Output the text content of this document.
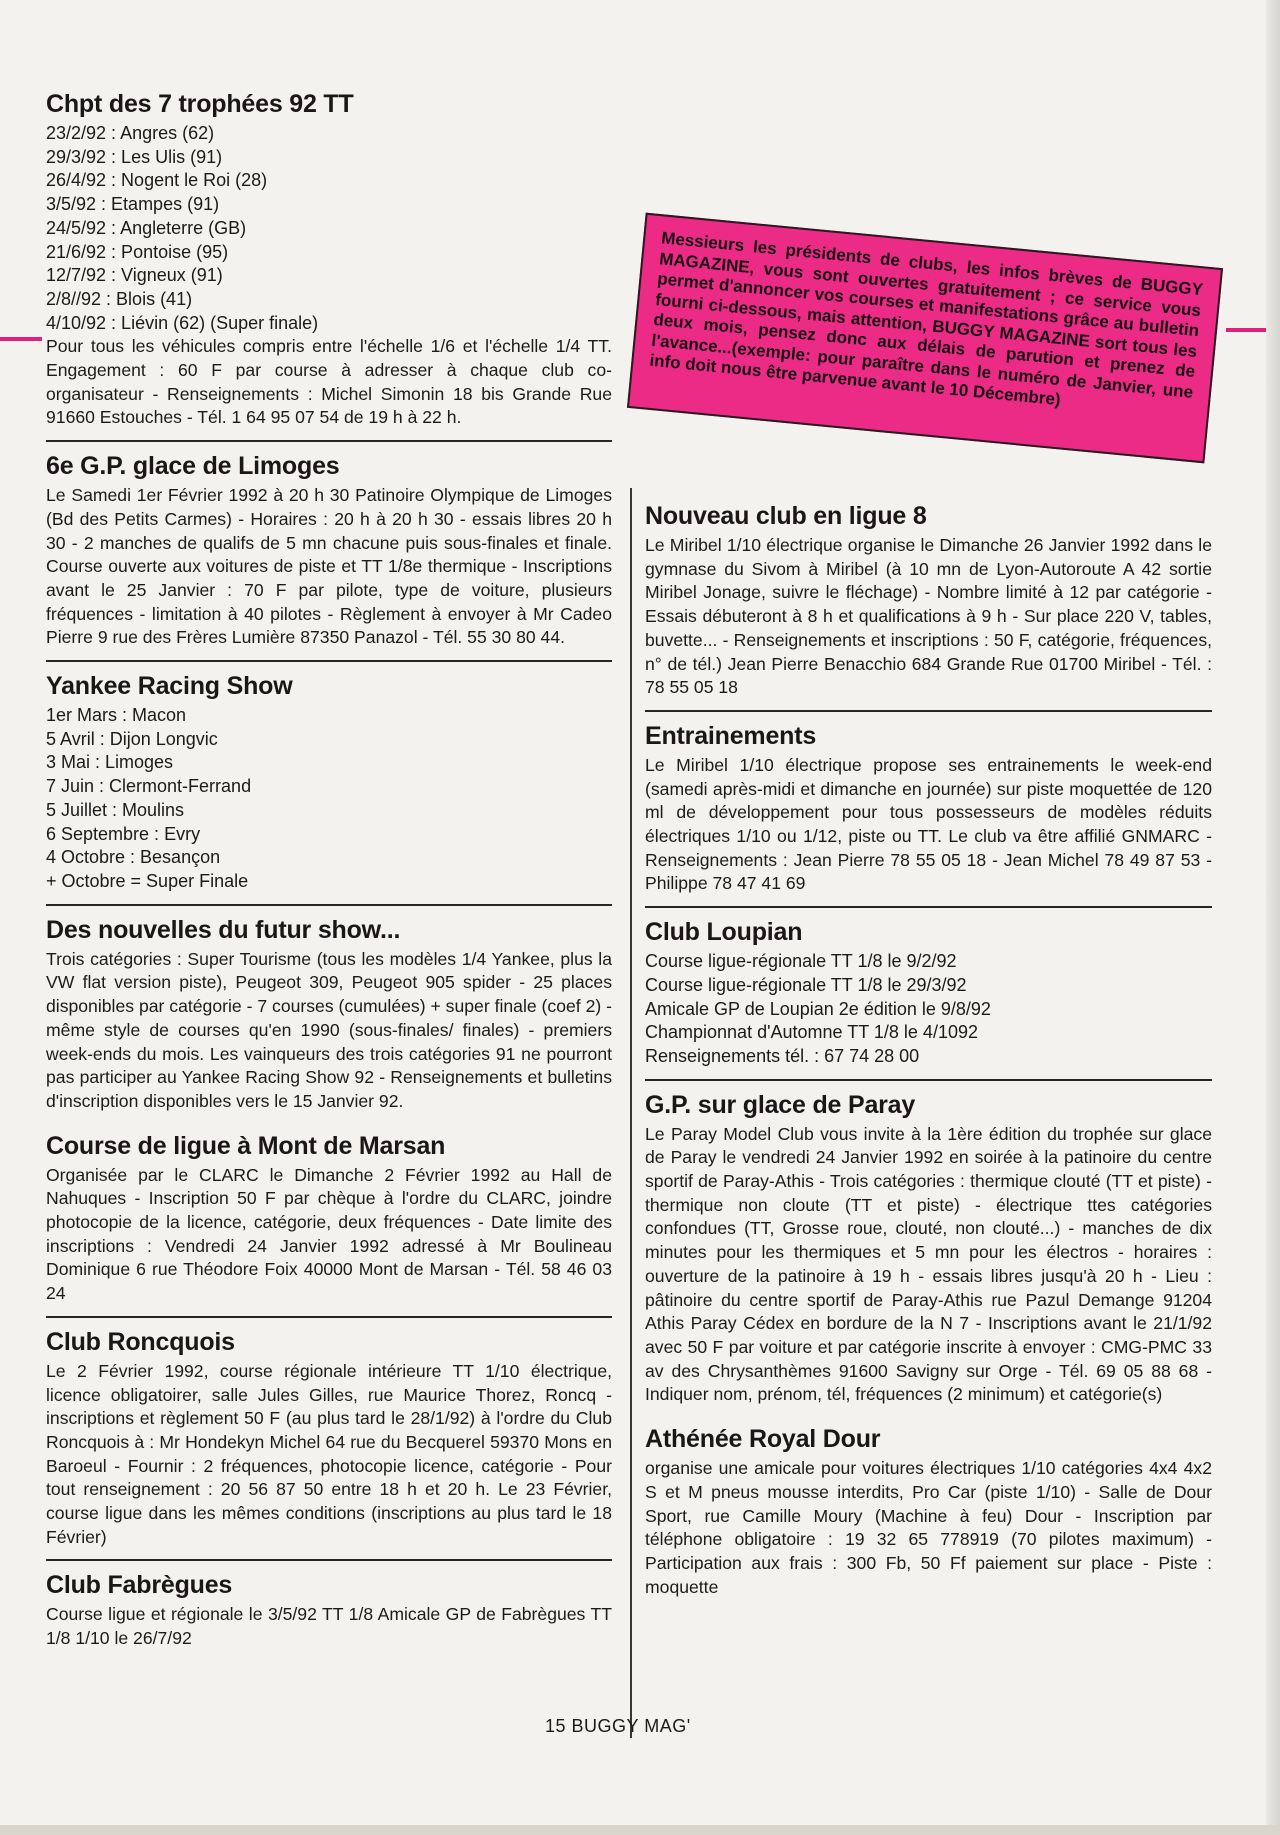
Messieurs les présidents de clubs, les infos brèves de BUGGY MAGAZINE, vous sont ouvertes gratuitement ; ce service vous permet d'annoncer vos courses et manifestations grâce au bulletin fourni ci-dessous, mais attention, BUGGY MAGAZINE sort tous les deux mois, pensez donc aux délais de parution et prenez de l'avance...(exemple: pour paraître dans le numéro de Janvier, une info doit nous être parvenue avant le 10 Décembre)

Chpt des 7 trophées 92 TT
23/2/92 : Angres (62)
29/3/92 : Les Ulis (91)
26/4/92 : Nogent le Roi (28)
3/5/92 : Etampes (91)
24/5/92 : Angleterre (GB)
21/6/92 : Pontoise (95)
12/7/92 : Vigneux (91)
2/8//92 : Blois (41)
4/10/92 : Liévin (62) (Super finale)

Pour tous les véhicules compris entre l'échelle 1/6 et l'échelle 1/4 TT. Engagement : 60 F par course à adresser à chaque club co-organisateur - Renseignements : Michel Simonin 18 bis Grande Rue 91660 Estouches - Tél. 1 64 95 07 54 de 19 h à 22 h.

6e G.P. glace de Limoges

Le Samedi 1er Février 1992 à 20 h 30 Patinoire Olympique de Limoges (Bd des Petits Carmes) - Horaires : 20 h à 20 h 30 - essais libres 20 h 30 - 2 manches de qualifs de 5 mn chacune puis sous-finales et finale. Course ouverte aux voitures de piste et TT 1/8e thermique - Inscriptions avant le 25 Janvier : 70 F par pilote, type de voiture, plusieurs fréquences - limitation à 40 pilotes - Règlement à envoyer à Mr Cadeo Pierre 9 rue des Frères Lumière 87350 Panazol - Tél. 55 30 80 44.

Yankee Racing Show
1er Mars : Macon
5 Avril : Dijon Longvic
3 Mai : Limoges
7 Juin : Clermont-Ferrand
5 Juillet : Moulins
6 Septembre : Evry
4 Octobre : Besançon
+ Octobre = Super Finale
Des nouvelles du futur show...

Trois catégories : Super Tourisme (tous les modèles 1/4 Yankee, plus la VW flat version piste), Peugeot 309, Peugeot 905 spider - 25 places disponibles par catégorie - 7 courses (cumulées) + super finale (coef 2) - même style de courses qu'en 1990 (sous-finales/ finales) - premiers week-ends du mois. Les vainqueurs des trois catégories 91 ne pourront pas participer au Yankee Racing Show 92 - Renseignements et bulletins d'inscription disponibles vers le 15 Janvier 92.

Course de ligue à Mont de Marsan

Organisée par le CLARC le Dimanche 2 Février 1992 au Hall de Nahuques - Inscription 50 F par chèque à l'ordre du CLARC, joindre photocopie de la licence, catégorie, deux fréquences - Date limite des inscriptions : Vendredi 24 Janvier 1992 adressé à Mr Boulineau Dominique 6 rue Théodore Foix 40000 Mont de Marsan - Tél. 58 46 03 24

Club Roncquois

Le 2 Février 1992, course régionale intérieure TT 1/10 électrique, licence obligatoirer, salle Jules Gilles, rue Maurice Thorez, Roncq - inscriptions et règlement 50 F (au plus tard le 28/1/92) à l'ordre du Club Roncquois à : Mr Hondekyn Michel 64 rue du Becquerel 59370 Mons en Baroeul - Fournir : 2 fréquences, photocopie licence, catégorie - Pour tout renseignement : 20 56 87 50 entre 18 h et 20 h. Le 23 Février, course ligue dans les mêmes conditions (inscriptions au plus tard le 18 Février)

Club Fabrègues

Course ligue et régionale le 3/5/92 TT 1/8 Amicale GP de Fabrègues TT 1/8 1/10 le 26/7/92

Nouveau club en ligue 8

Le Miribel 1/10 électrique organise le Dimanche 26 Janvier 1992 dans le gymnase du Sivom à Miribel (à 10 mn de Lyon-Autoroute A 42 sortie Miribel Jonage, suivre le fléchage) - Nombre limité à 12 par catégorie - Essais débuteront à 8 h et qualifications à 9 h - Sur place 220 V, tables, buvette... - Renseignements et inscriptions : 50 F, catégorie, fréquences, n° de tél.) Jean Pierre Benacchio 684 Grande Rue 01700 Miribel - Tél. : 78 55 05 18

Entrainements

Le Miribel 1/10 électrique propose ses entrainements le week-end (samedi après-midi et dimanche en journée) sur piste moquettée de 120 ml de développement pour tous possesseurs de modèles réduits électriques 1/10 ou 1/12, piste ou TT. Le club va être affilié GNMARC - Renseignements : Jean Pierre 78 55 05 18 - Jean Michel 78 49 87 53 - Philippe 78 47 41 69

Club Loupian
Course ligue-régionale TT 1/8 le 9/2/92
Course ligue-régionale TT 1/8 le 29/3/92
Amicale GP de Loupian 2e édition le 9/8/92
Championnat d'Automne TT 1/8 le 4/1092
Renseignements tél. : 67 74 28 00
G.P. sur glace de Paray

Le Paray Model Club vous invite à la 1ère édition du trophée sur glace de Paray le vendredi 24 Janvier 1992 en soirée à la patinoire du centre sportif de Paray-Athis - Trois catégories : thermique clouté (TT et piste) - thermique non cloute (TT et piste) - électrique ttes catégories confondues (TT, Grosse roue, clouté, non clouté...) - manches de dix minutes pour les thermiques et 5 mn pour les électros - horaires : ouverture de la patinoire à 19 h - essais libres jusqu'à 20 h - Lieu : pâtinoire du centre sportif de Paray-Athis rue Pazul Demange 91204 Athis Paray Cédex en bordure de la N 7 - Inscriptions avant le 21/1/92 avec 50 F par voiture et par catégorie inscrite à envoyer : CMG-PMC 33 av des Chrysanthèmes 91600 Savigny sur Orge - Tél. 69 05 88 68 - Indiquer nom, prénom, tél, fréquences (2 minimum) et catégorie(s)

Athénée Royal Dour

organise une amicale pour voitures électriques 1/10 catégories 4x4 4x2 S et M pneus mousse interdits, Pro Car (piste 1/10) - Salle de Dour Sport, rue Camille Moury (Machine à feu) Dour - Inscription par téléphone obligatoire : 19 32 65 778919 (70 pilotes maximum) - Participation aux frais : 300 Fb, 50 Ff paiement sur place - Piste : moquette

15 BUGGY MAG'
